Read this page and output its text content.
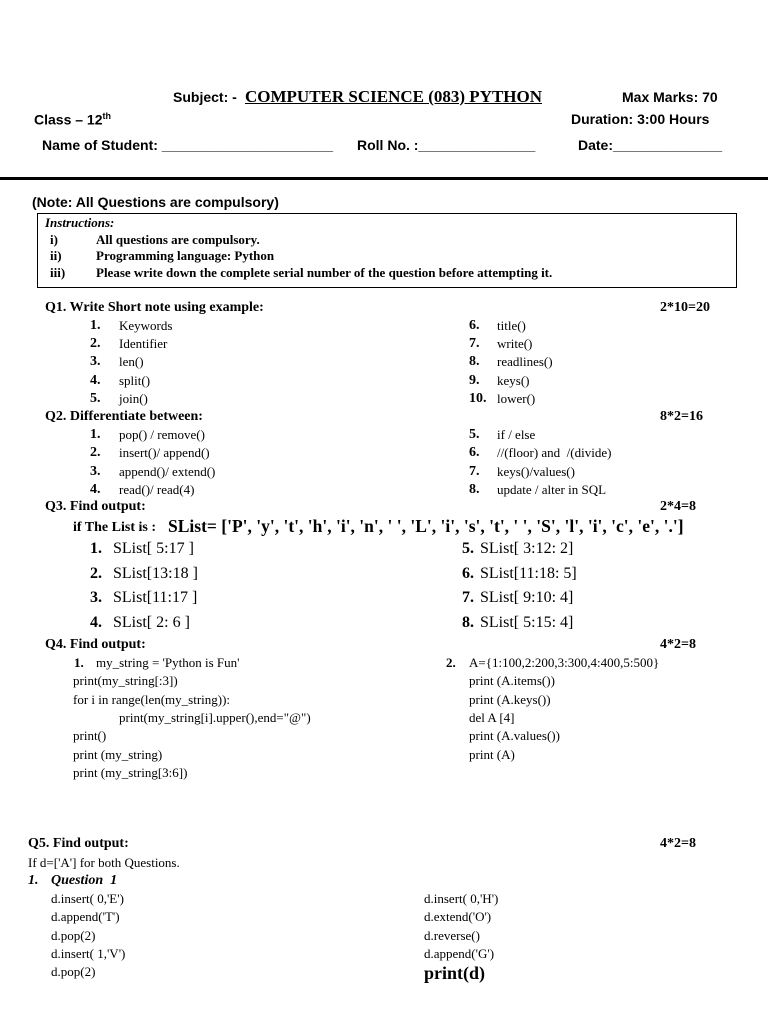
Subject: - COMPUTER SCIENCE (083) PYTHON	Max Marks: 70
Class – 12th	Duration: 3:00 Hours
Name of Student: ______________________ Roll No. :_______________	Date:______________
(Note: All Questions are compulsory)
Instructions:
i)	All questions are compulsory.
ii)	Programming language: Python
iii) Please write down the complete serial number of the question before attempting it.
Q1. Write Short note using example:	2*10=20
1. Keywords
2. Identifier
3. len()
4. split()
5. join()
6. title()
7. write()
8. readlines()
9. keys()
10. lower()
Q2. Differentiate between:	8*2=16
1. pop() / remove()
2. insert()/ append()
3. append()/ extend()
4. read()/ read(4)
5. if / else
6. //(floor) and  /(divide)
7. keys()/values()
8. update / alter in SQL
Q3. Find output:	2*4=8
if The List is : SList= ['P', 'y', 't', 'h', 'i', 'n', ' ', 'L', 'i', 's', 't', ' ', 'S', 'l', 'i', 'c', 'e', '.']
1. SList[ 5:17 ]
2. SList[13:18 ]
3. SList[11:17 ]
4. SList[ 2: 6 ]
5. SList[ 3:12: 2]
6. SList[11:18: 5]
7. SList[ 9:10: 4]
8. SList[ 5:15: 4]
Q4. Find output:	4*2=8
1.	2.
my_string = 'Python is Fun'
print(my_string[:3])
for i in range(len(my_string)):
print(my_string[i].upper(),end="@")
print()
print (my_string)
print (my_string[3:6])
A={1:100,2:200,3:300,4:400,5:500}
print (A.items())
print (A.keys())
del A [4]
print (A.values())
print (A)
Q5. Find output:	4*2=8
If d=['A'] for both Questions.
1. Question  1
d.insert( 0,'E')
d.append('T')
d.pop(2)
d.insert( 1,'V')
d.pop(2)
d.insert( 0,'H')
d.extend('O')
d.reverse()
d.append('G')
print(d)
